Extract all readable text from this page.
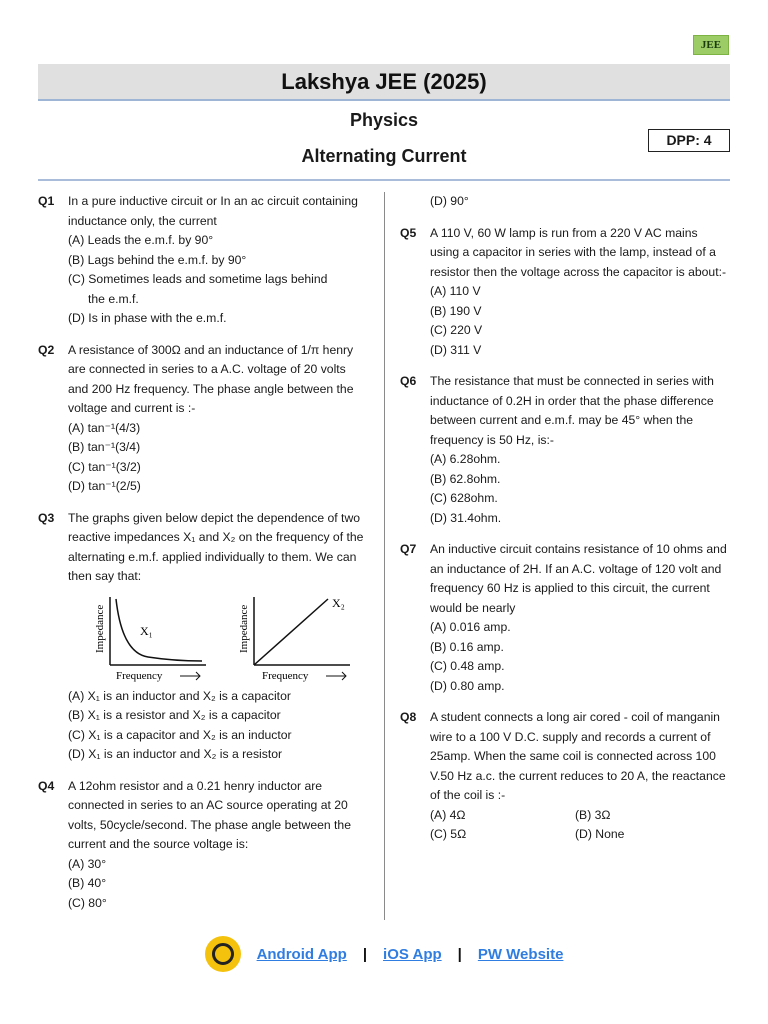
JEE
Lakshya JEE (2025)
Physics
Alternating Current
DPP: 4
Q1	In a pure inductive circuit or In an ac circuit containing inductance only, the current
(A) Leads the e.m.f. by 90°
(B) Lags behind the e.m.f. by 90°
(C) Sometimes leads and sometime lags behind
the e.m.f.
(D) Is in phase with the e.m.f.
Q2	A resistance of 300Ω and an inductance of 1/π henry are connected in series to a A.C. voltage of 20 volts and 200 Hz frequency. The phase angle between the voltage and current is :-
(A) tan⁻¹(4/3)
(B) tan⁻¹(3/4)
(C) tan⁻¹(3/2)
(D) tan⁻¹(2/5)
Q3	The graphs given below depict the dependence of two reactive impedances X₁ and X₂ on the frequency of the alternating e.m.f. applied individually to them. We can then say that:
Impedance
Frequency
X₁	Impedance
Frequency
X₂
(A) X₁ is an inductor and X₂ is a capacitor
(B) X₁ is a resistor and X₂ is a capacitor
(C) X₁ is a capacitor and X₂ is an inductor
(D) X₁ is an inductor and X₂ is a resistor
Q4	A 12ohm resistor and a 0.21 henry inductor are connected in series to an AC source operating at 20 volts, 50cycle/second. The phase angle between the current and the source voltage is:
(A) 30°
(B) 40°
(C) 80°
(D) 90°
Q5	A 110 V, 60 W lamp is run from a 220 V AC mains using a capacitor in series with the lamp, instead of a resistor then the voltage across the capacitor is about:-
(A) 110 V
(B) 190 V
(C) 220 V
(D) 311 V
Q6	The resistance that must be connected in series with inductance of 0.2H in order that the phase difference
between current and e.m.f. may be 45° when the frequency is 50 Hz, is:-
(A) 6.28ohm.
(B) 62.8ohm.
(C) 628ohm.
(D) 31.4ohm.
Q7	An inductive circuit contains resistance of 10 ohms and an inductance of 2H. If an A.C. voltage of 120 volt and frequency 60 Hz is applied to this circuit, the current would be nearly
(A) 0.016 amp.
(B) 0.16 amp.
(C) 0.48 amp.
(D) 0.80 amp.
Q8	A student connects a long air cored - coil of manganin wire to a 100 V D.C. supply and records a current of 25amp. When the same coil is connected across 100 V.50 Hz a.c. the current reduces to 20 A, the reactance of the coil is :-
(A) 4Ω	(B) 3Ω
(C) 5Ω	(D) None
Android App | iOS App | PW Website
